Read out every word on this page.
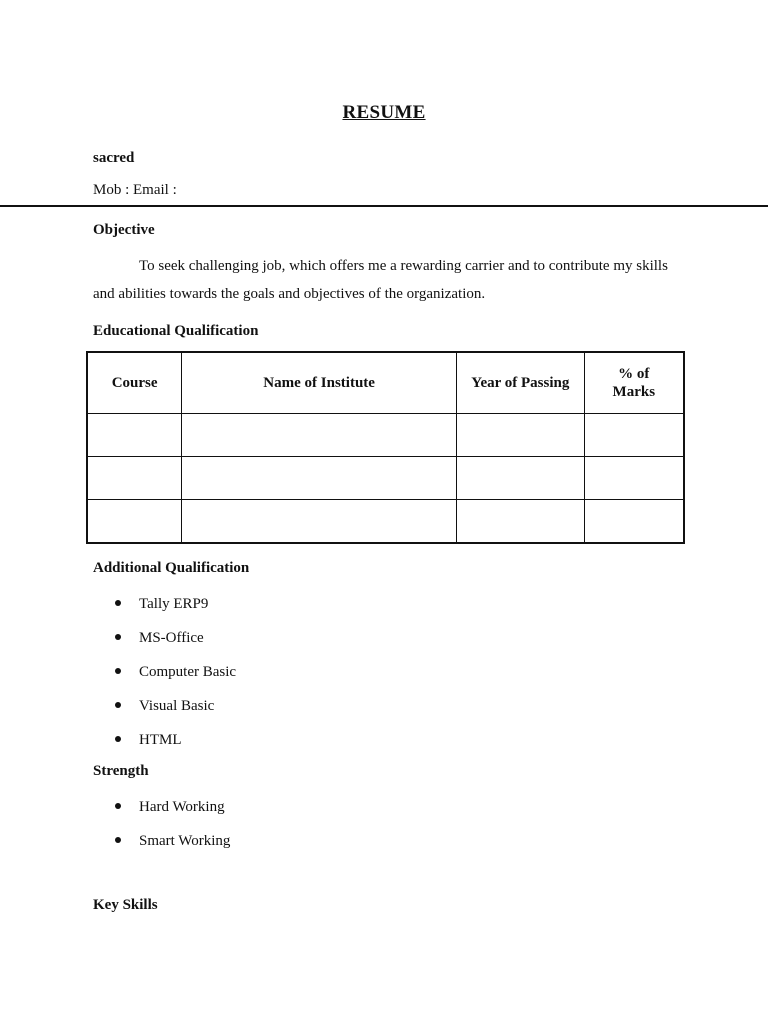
RESUME
sacred
Mob : Email :
Objective
To seek challenging job, which offers me a rewarding carrier and to contribute my skills and abilities towards the goals and objectives of the organization.
Educational Qualification
Course	Name of Institute	Year of Passing	% of Marks

Additional Qualification
Tally ERP9
MS-Office
Computer Basic
Visual Basic
HTML
Strength
Hard Working
Smart Working
Key Skills
